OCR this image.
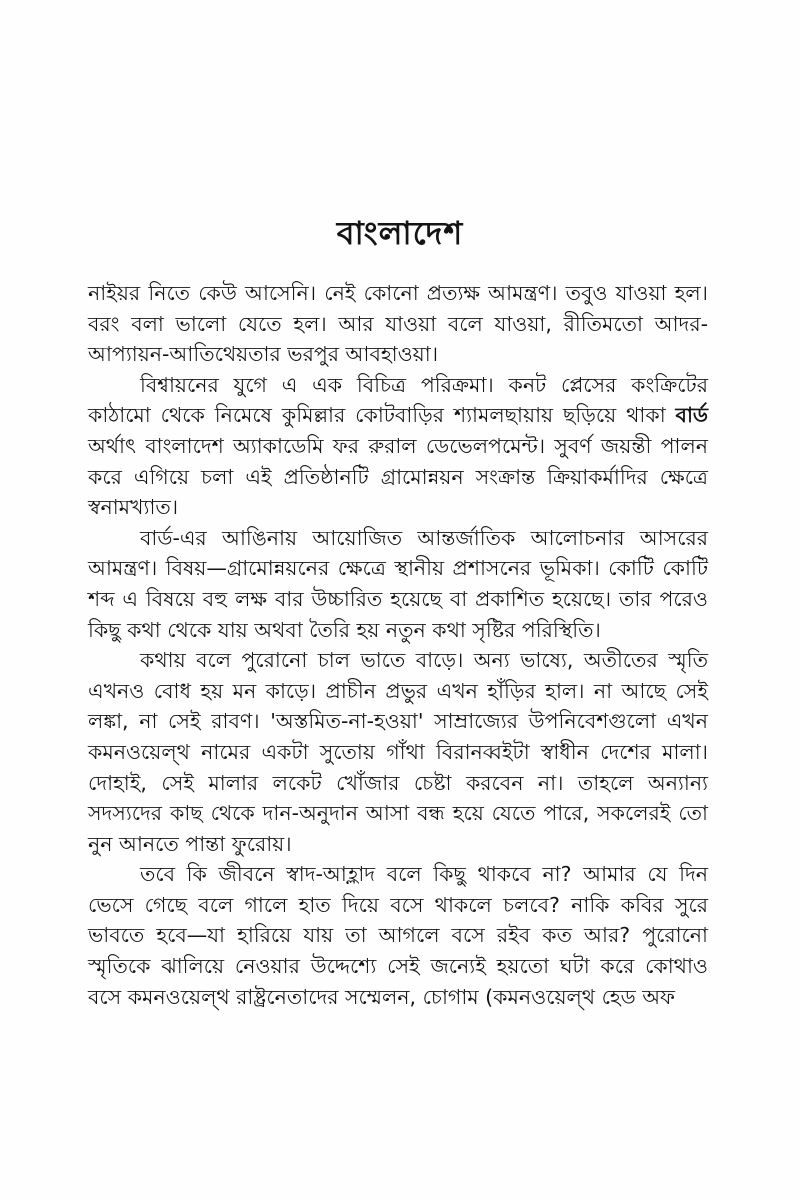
বাংলাদেশ

নাইয়র নিতে কেউ আসেনি। নেই কোনো প্রত্যক্ষ আমন্ত্রণ। তবুও যাওয়া হল। বরং বলা ভালো যেতে হল। আর যাওয়া বলে যাওয়া, রীতিমতো আদর-আপ্যায়ন-আতিথেয়তার ভরপুর আবহাওয়া।

বিশ্বায়নের যুগে এ এক বিচিত্র পরিক্রমা। কনট প্লেসের কংক্রিটের কাঠামো থেকে নিমেষে কুমিল্লার কোটবাড়ির শ্যামলছায়ায় ছড়িয়ে থাকা বার্ড অর্থাৎ বাংলাদেশ অ্যাকাডেমি ফর রুরাল ডেভেলপমেন্ট। সুবর্ণ জয়ন্তী পালন করে এগিয়ে চলা এই প্রতিষ্ঠানটি গ্রামোন্নয়ন সংক্রান্ত ক্রিয়াকর্মাদির ক্ষেত্রে স্বনামখ্যাত।

বার্ড-এর আঙিনায় আয়োজিত আন্তর্জাতিক আলোচনার আসরের আমন্ত্রণ। বিষয়—গ্রামোন্নয়নের ক্ষেত্রে স্থানীয় প্রশাসনের ভূমিকা। কোটি কোটি শব্দ এ বিষয়ে বহু লক্ষ বার উচ্চারিত হয়েছে বা প্রকাশিত হয়েছে। তার পরেও কিছু কথা থেকে যায় অথবা তৈরি হয় নতুন কথা সৃষ্টির পরিস্থিতি।

কথায় বলে পুরোনো চাল ভাতে বাড়ে। অন্য ভাষ্যে, অতীতের স্মৃতি এখনও বোধ হয় মন কাড়ে। প্রাচীন প্রভুর এখন হাঁড়ির হাল। না আছে সেই লঙ্কা, না সেই রাবণ। 'অস্তমিত-না-হওয়া' সাম্রাজ্যের উপনিবেশগুলো এখন কমনওয়েল্থ নামের একটা সুতোয় গাঁথা বিরানব্বইটা স্বাধীন দেশের মালা। দোহাই, সেই মালার লকেট খোঁজার চেষ্টা করবেন না। তাহলে অন্যান্য সদস্যদের কাছ থেকে দান-অনুদান আসা বন্ধ হয়ে যেতে পারে, সকলেরই তো নুন আনতে পান্তা ফুরোয়।

তবে কি জীবনে স্বাদ-আহ্লাদ বলে কিছু থাকবে না? আমার যে দিন ভেসে গেছে বলে গালে হাত দিয়ে বসে থাকলে চলবে? নাকি কবির সুরে ভাবতে হবে—যা হারিয়ে যায় তা আগলে বসে রইব কত আর? পুরোনো স্মৃতিকে ঝালিয়ে নেওয়ার উদ্দেশ্যে সেই জন্যেই হয়তো ঘটা করে কোথাও বসে কমনওয়েল্থ রাষ্ট্রনেতাদের সম্মেলন, চোগাম (কমনওয়েল্থ হেড অফ
